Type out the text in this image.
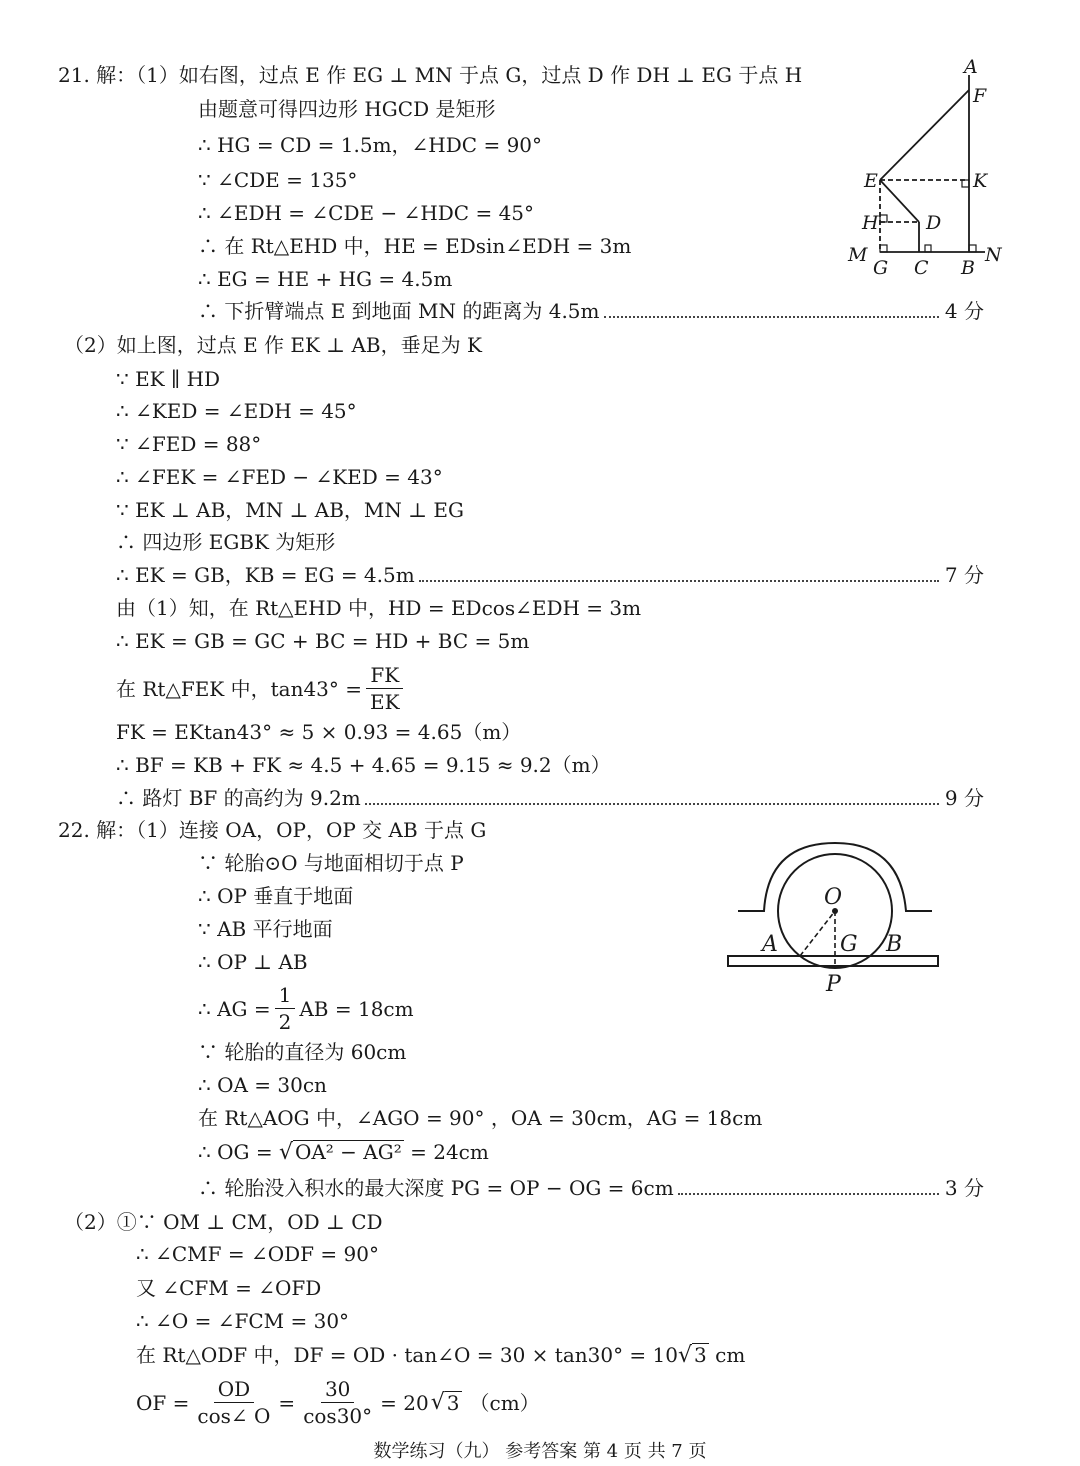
21. 解：（1）如右图，过点 E 作 EG ⊥ MN 于点 G，过点 D 作 DH ⊥ EG 于点 H
由题意可得四边形 HGCD 是矩形
∴ HG = CD = 1.5m，∠HDC = 90°
∵ ∠CDE = 135°
∴ ∠EDH = ∠CDE − ∠HDC = 45°
∴ 在 Rt△EHD 中，HE = EDsin∠EDH = 3m
∴ EG = HE + HG = 4.5m
∴ 下折臂端点 E 到地面 MN 的距离为 4.5m	4 分
（2）如上图，过点 E 作 EK ⊥ AB，垂足为 K
∵ EK ∥ HD
∴ ∠KED = ∠EDH = 45°
∵ ∠FED = 88°
∴ ∠FEK = ∠FED − ∠KED = 43°
∵ EK ⊥ AB，MN ⊥ AB，MN ⊥ EG
∴ 四边形 EGBK 为矩形
∴ EK = GB，KB = EG = 4.5m	7 分
由（1）知，在 Rt△EHD 中，HD = EDcos∠EDH = 3m
∴ EK = GB = GC + BC = HD + BC = 5m
在 Rt△FEK 中，$\tan 43^\circ = \frac{FK}{EK}$
FK = EKtan43° ≈ 5 × 0.93 = 4.65（m）
∴ BF = KB + FK ≈ 4.5 + 4.65 = 9.15 ≈ 9.2（m）
∴ 路灯 BF 的高约为 9.2m	9 分
A
F
E	K
H D
M
G C B
N
22. 解：（1）连接 OA，OP，OP 交 AB 于点 G
∵ 轮胎⊙O 与地面相切于点 P
∴ OP 垂直于地面
∵ AB 平行地面
∴ OP ⊥ AB
∴ AG = $\frac{1}{2}$ AB = 18cm
∵ 轮胎的直径为 60cm
∴ OA = 30cn
在 Rt△AOG 中，∠AGO = 90° ，OA = 30cm，AG = 18cm
∴ OG = √ OA² − AG² = 24cm
∴ 轮胎没入积水的最大深度 PG = OP − OG = 6cm	3 分
（2）①∵ OM ⊥ CM，OD ⊥ CD
∴ ∠CMF = ∠ODF = 90°
又 ∠CFM = ∠OFD
∴ ∠O = ∠FCM = 30°
在 Rt△ODF 中，DF = OD · tan∠O = 30 × tan30° = 10√ 3 cm
OF = $\frac{OD}{\cos\angle O} = \frac{30}{\cos 30^\circ} = 20$ √ 3 （cm）
O
A	G B
P
数学练习（九） 参考答案 第 4 页 共 7 页
